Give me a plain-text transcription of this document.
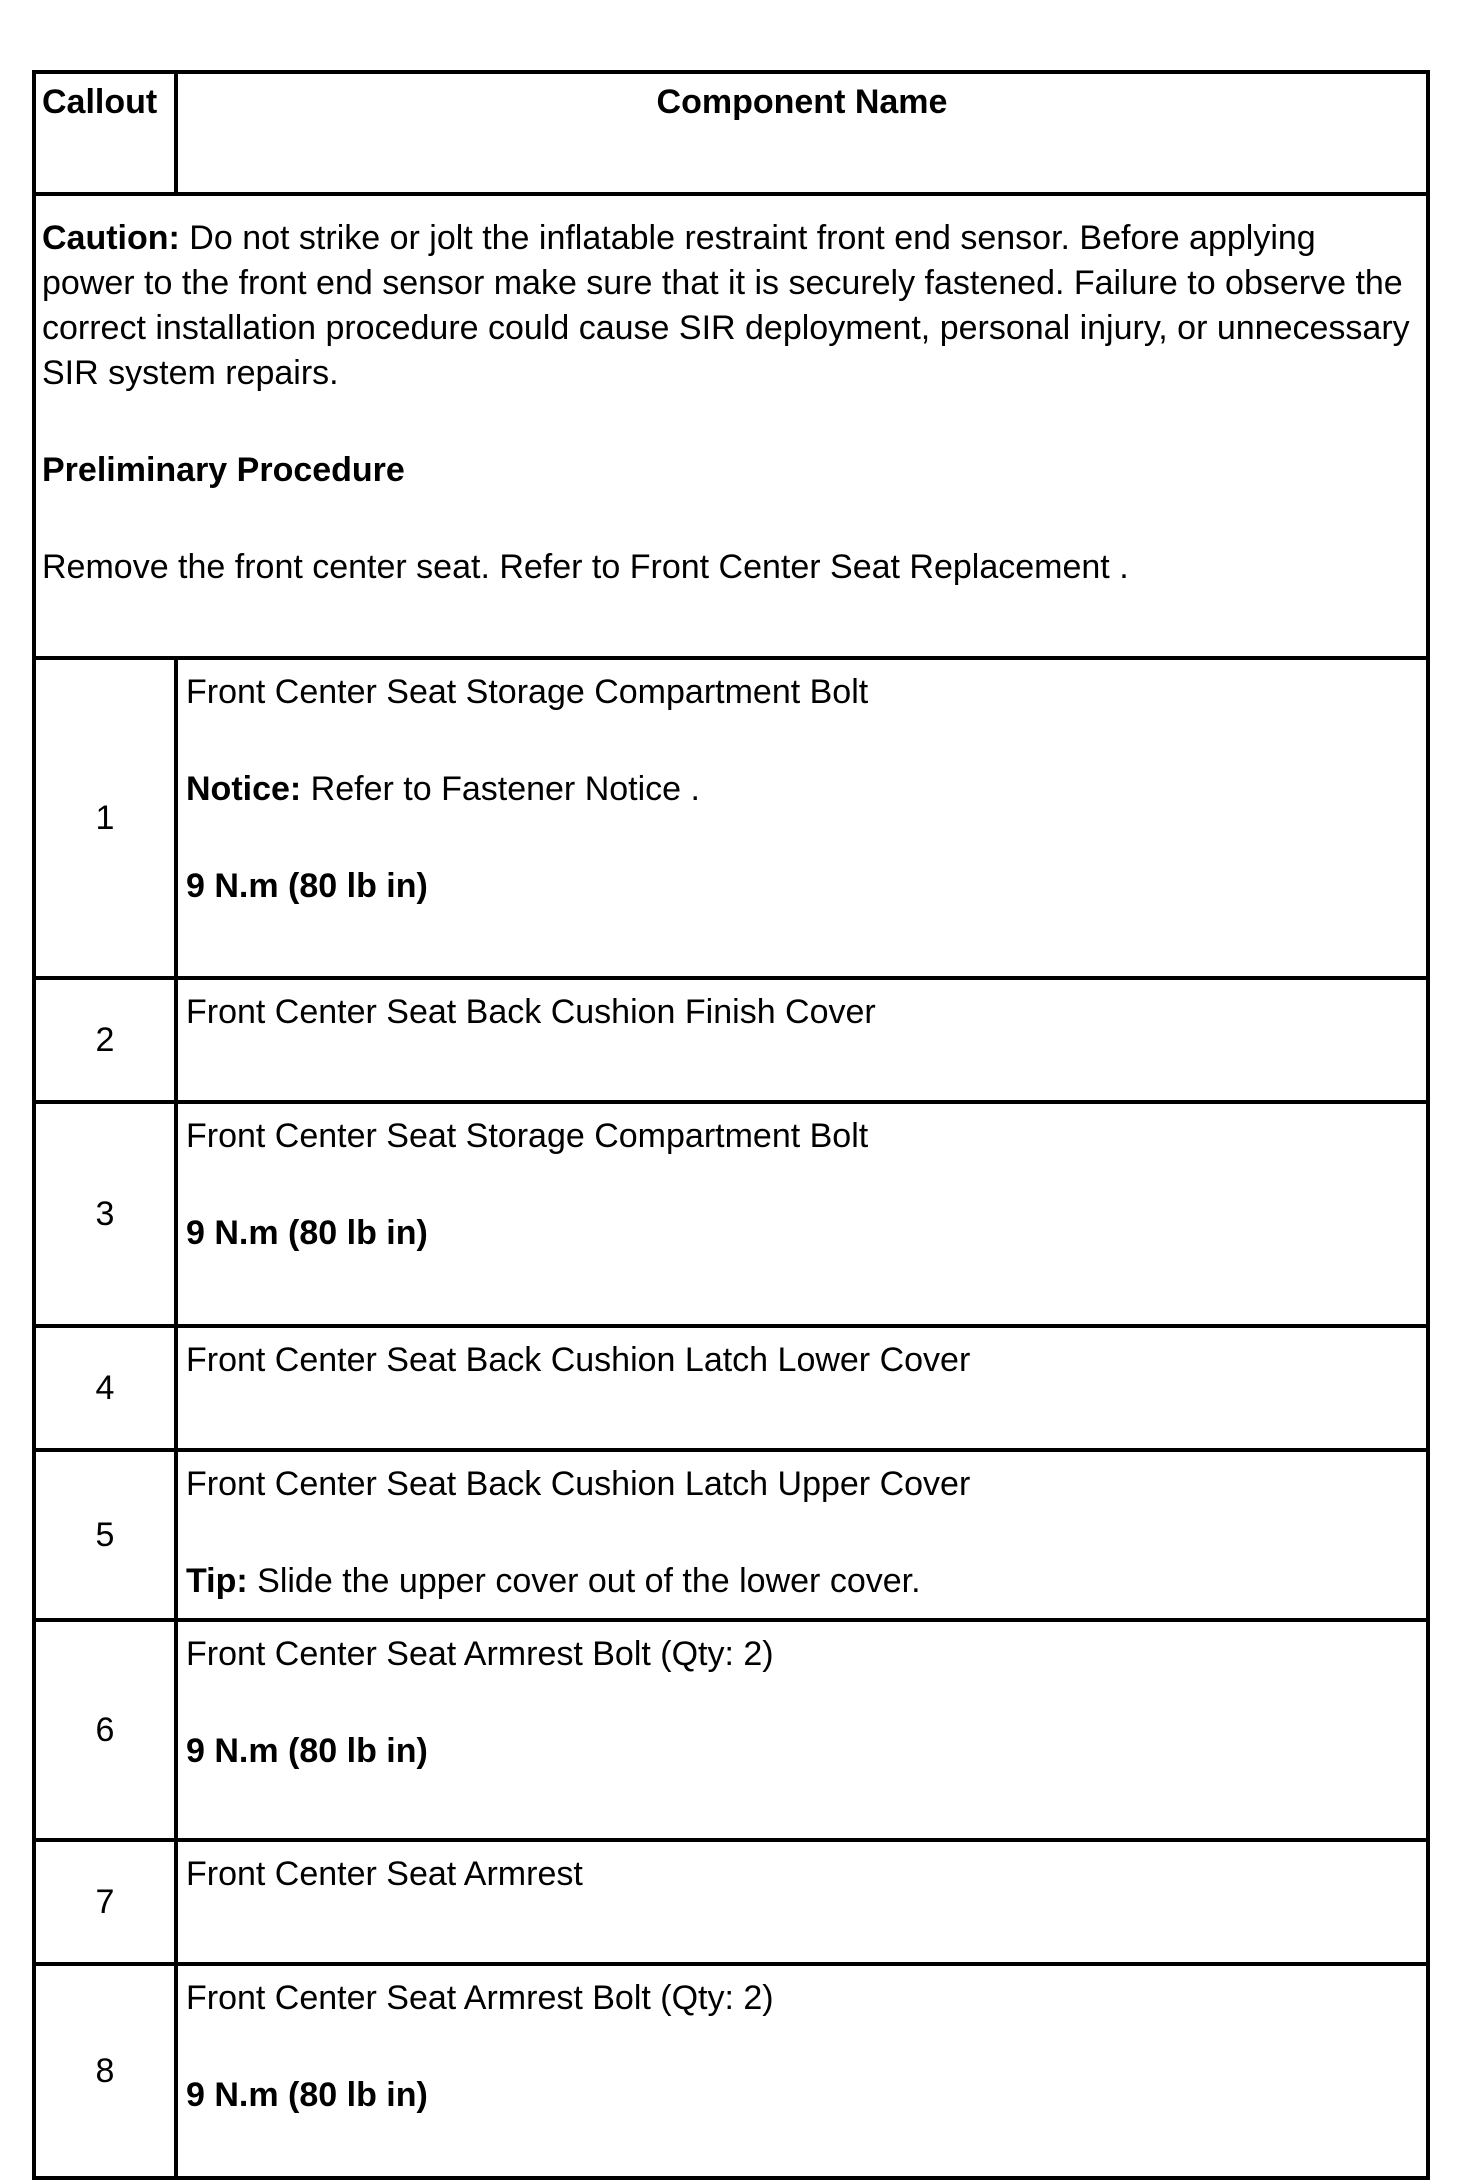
Callout	Component Name

Caution: Do not strike or jolt the inflatable restraint front end sensor. Before applying power to the front end sensor make sure that it is securely fastened. Failure to observe the correct installation procedure could cause SIR deployment, personal injury, or unnecessary SIR system repairs.

Preliminary Procedure

Remove the front center seat. Refer to Front Center Seat Replacement .	

1	Front Center Seat Storage Compartment Bolt

Notice: Refer to Fastener Notice .

9 N.m (80 lb in)

2	Front Center Seat Back Cushion Finish Cover

3	Front Center Seat Storage Compartment Bolt

9 N.m (80 lb in)

4	Front Center Seat Back Cushion Latch Lower Cover

5	Front Center Seat Back Cushion Latch Upper Cover

Tip: Slide the upper cover out of the lower cover.

6	Front Center Seat Armrest Bolt (Qty: 2)

9 N.m (80 lb in)

7	Front Center Seat Armrest

8	Front Center Seat Armrest Bolt (Qty: 2)

9 N.m (80 lb in)
